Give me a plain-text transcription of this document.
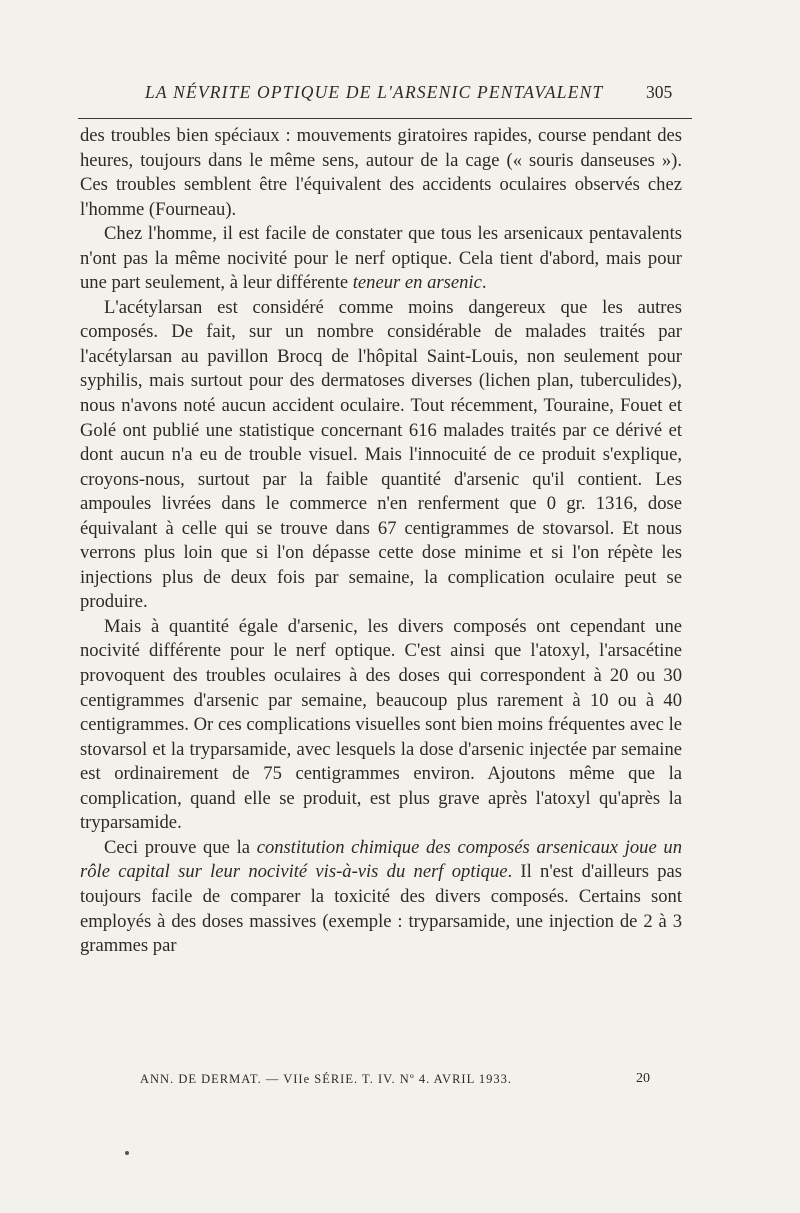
LA NÉVRITE OPTIQUE DE L'ARSENIC PENTAVALENT	305

des troubles bien spéciaux : mouvements giratoires rapides, course pendant des heures, toujours dans le même sens, autour de la cage (« souris danseuses »). Ces troubles semblent être l'équivalent des accidents oculaires observés chez l'homme (Fourneau).

Chez l'homme, il est facile de constater que tous les arsenicaux pentavalents n'ont pas la même nocivité pour le nerf optique. Cela tient d'abord, mais pour une part seulement, à leur différente teneur en arsenic.

L'acétylarsan est considéré comme moins dangereux que les autres composés. De fait, sur un nombre considérable de malades traités par l'acétylarsan au pavillon Brocq de l'hôpital Saint-Louis, non seulement pour syphilis, mais surtout pour des dermatoses diverses (lichen plan, tuberculides), nous n'avons noté aucun accident oculaire. Tout récemment, Touraine, Fouet et Golé ont publié une statistique concernant 616 malades traités par ce dérivé et dont aucun n'a eu de trouble visuel. Mais l'innocuité de ce produit s'explique, croyons-nous, surtout par la faible quantité d'arsenic qu'il contient. Les ampoules livrées dans le commerce n'en renferment que 0 gr. 1316, dose équivalant à celle qui se trouve dans 67 centigrammes de stovarsol. Et nous verrons plus loin que si l'on dépasse cette dose minime et si l'on répète les injections plus de deux fois par semaine, la complication oculaire peut se produire.

Mais à quantité égale d'arsenic, les divers composés ont cependant une nocivité différente pour le nerf optique. C'est ainsi que l'atoxyl, l'arsacétine provoquent des troubles oculaires à des doses qui correspondent à 20 ou 30 centigrammes d'arsenic par semaine, beaucoup plus rarement à 10 ou à 40 centigrammes. Or ces complications visuelles sont bien moins fréquentes avec le stovarsol et la tryparsamide, avec lesquels la dose d'arsenic injectée par semaine est ordinairement de 75 centigrammes environ. Ajoutons même que la complication, quand elle se produit, est plus grave après l'atoxyl qu'après la tryparsamide.

Ceci prouve que la constitution chimique des composés arsenicaux joue un rôle capital sur leur nocivité vis-à-vis du nerf optique. Il n'est d'ailleurs pas toujours facile de comparer la toxicité des divers composés. Certains sont employés à des doses massives (exemple : tryparsamide, une injection de 2 à 3 grammes par

ANN. DE DERMAT. — VIIe SÉRIE. T. IV. Nº 4. AVRIL 1933.	20
